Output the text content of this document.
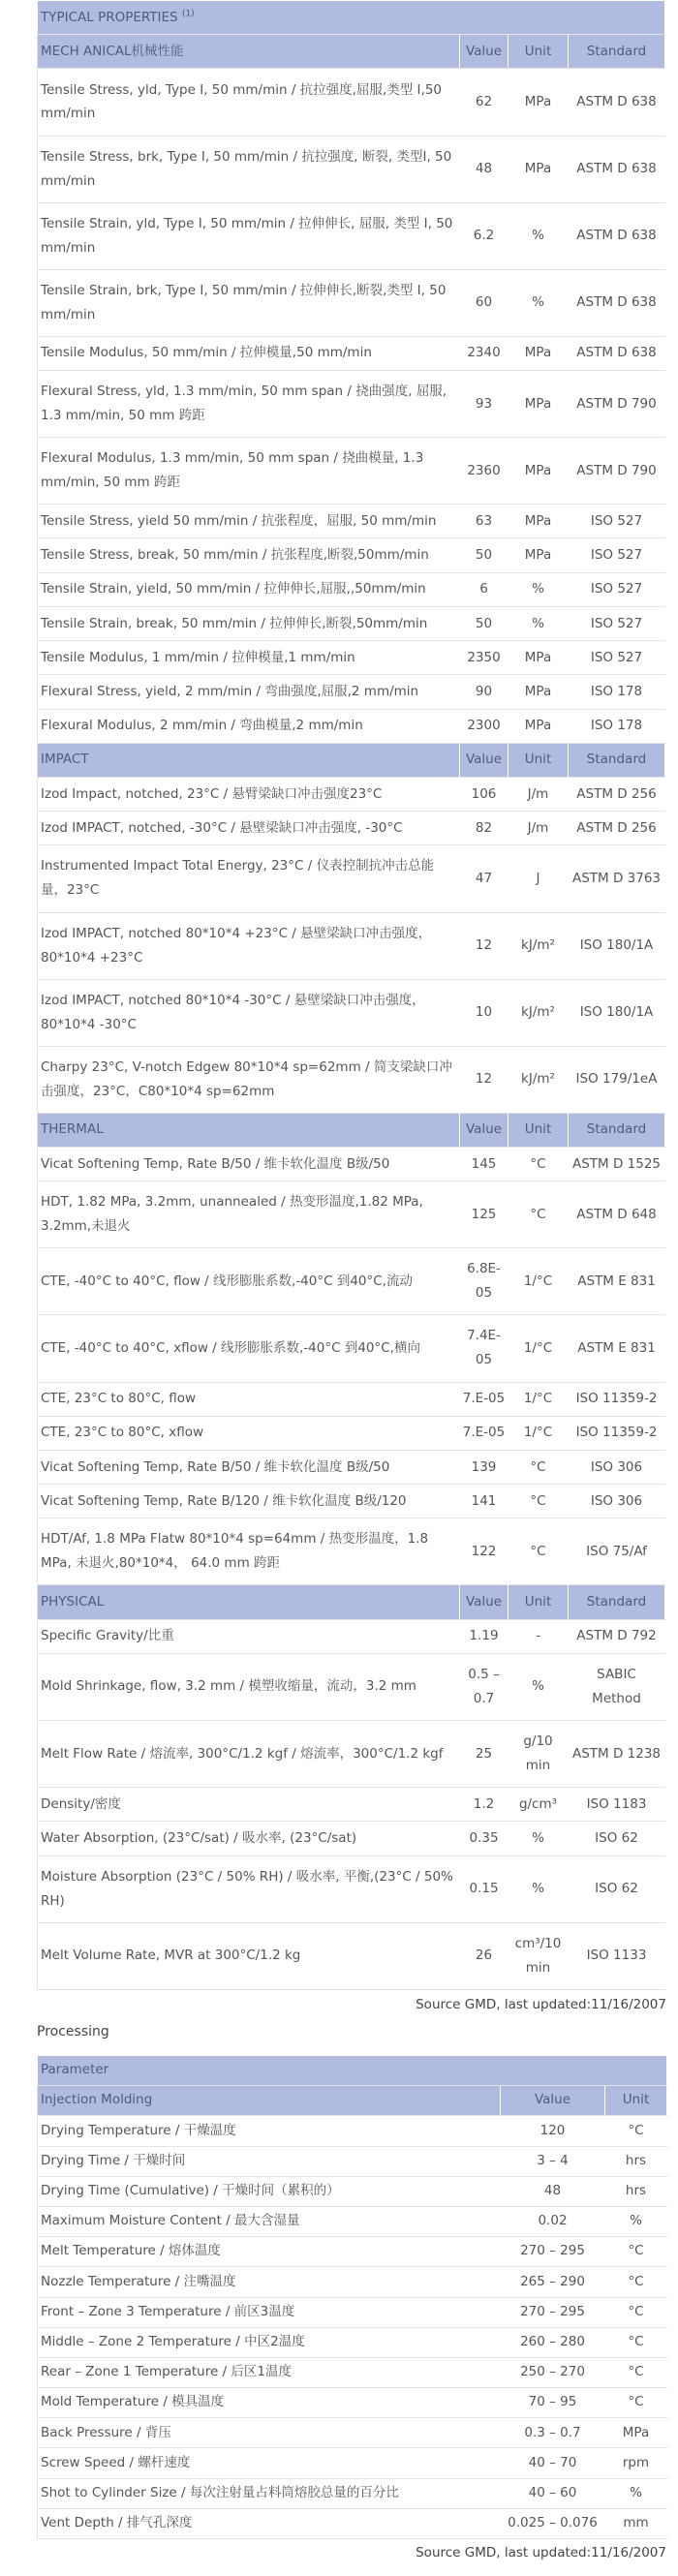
TYPICAL PROPERTIES $^{(1)}$
MECH ANICAL机械性能	Value	Unit	Standard
Tensile Stress, yld, Type I, 50 mm/min / 抗拉强度,屈服,类型 I,50 mm/min	62	MPa	ASTM D 638
Tensile Stress, brk, Type I, 50 mm/min / 抗拉强度, 断裂, 类型I, 50 mm/min	48	MPa	ASTM D 638
Tensile Strain, yld, Type I, 50 mm/min / 拉伸伸长, 屈服, 类型 I, 50 mm/min	6.2	%	ASTM D 638
Tensile Strain, brk, Type I, 50 mm/min / 拉伸伸长,断裂,类型 I, 50 mm/min	60	%	ASTM D 638
Tensile Modulus, 50 mm/min / 拉伸模量,50 mm/min	2340	MPa	ASTM D 638
Flexural Stress, yld, 1.3 mm/min, 50 mm span / 挠曲强度, 屈服, 1.3 mm/min, 50 mm 跨距	93	MPa	ASTM D 790
Flexural Modulus, 1.3 mm/min, 50 mm span / 挠曲模量, 1.3 mm/min, 50 mm 跨距	2360	MPa	ASTM D 790
Tensile Stress, yield 50 mm/min / 抗张程度，屈服, 50 mm/min	63	MPa	ISO 527
Tensile Stress, break, 50 mm/min / 抗张程度,断裂,50mm/min	50	MPa	ISO 527
Tensile Strain, yield, 50 mm/min / 拉伸伸长,屈服,,50mm/min	6	%	ISO 527
Tensile Strain, break, 50 mm/min / 拉伸伸长,断裂,50mm/min	50	%	ISO 527
Tensile Modulus, 1 mm/min / 拉伸模量,1 mm/min	2350	MPa	ISO 527
Flexural Stress, yield, 2 mm/min / 弯曲强度,屈服,2 mm/min	90	MPa	ISO 178
Flexural Modulus, 2 mm/min / 弯曲模量,2 mm/min	2300	MPa	ISO 178
IMPACT	Value	Unit	Standard
Izod Impact, notched, 23°C / 悬臂梁缺口冲击强度23°C	106	J/m	ASTM D 256
Izod IMPACT, notched, -30°C / 悬壁梁缺口冲击强度, -30°C	82	J/m	ASTM D 256
Instrumented Impact Total Energy, 23°C / 仪表控制抗冲击总能量，23°C	47	J	ASTM D 3763
Izod IMPACT, notched 80*10*4 +23°C / 悬壁梁缺口冲击强度，80*10*4 +23°C	12	kJ/m²	ISO 180/1A
Izod IMPACT, notched 80*10*4 -30°C / 悬壁梁缺口冲击强度，80*10*4 -30°C	10	kJ/m²	ISO 180/1A
Charpy 23°C, V-notch Edgew 80*10*4 sp=62mm / 简支梁缺口冲击强度，23°C，C80*10*4 sp=62mm	12	kJ/m²	ISO 179/1eA
THERMAL	Value	Unit	Standard
Vicat Softening Temp, Rate B/50 / 维卡软化温度 B级/50	145	°C	ASTM D 1525
HDT, 1.82 MPa, 3.2mm, unannealed / 热变形温度,1.82 MPa, 3.2mm,未退火	125	°C	ASTM D 648
CTE, -40°C to 40°C, flow / 线形膨胀系数,-40°C 到40°C,流动	6.8E-05	1/°C	ASTM E 831
CTE, -40°C to 40°C, xflow / 线形膨胀系数,-40°C 到40°C,横向	7.4E-05	1/°C	ASTM E 831
CTE, 23°C to 80°C, flow	7.E-05	1/°C	ISO 11359-2
CTE, 23°C to 80°C, xflow	7.E-05	1/°C	ISO 11359-2
Vicat Softening Temp, Rate B/50 / 维卡软化温度 B级/50	139	°C	ISO 306
Vicat Softening Temp, Rate B/120 / 维卡软化温度 B级/120	141	°C	ISO 306
HDT/Af, 1.8 MPa Flatw 80*10*4 sp=64mm / 热变形温度，1.8 MPa, 未退火,80*10*4， 64.0 mm 跨距	122	°C	ISO 75/Af
PHYSICAL	Value	Unit	Standard
Specific Gravity/比重	1.19	-	ASTM D 792
Mold Shrinkage, flow, 3.2 mm / 模塑收缩量，流动，3.2 mm	0.5 – 0.7	%	SABIC Method
Melt Flow Rate / 熔流率, 300°C/1.2 kgf / 熔流率，300°C/1.2 kgf	25	g/10 min	ASTM D 1238
Density/密度	1.2	g/cm³	ISO 1183
Water Absorption, (23°C/sat) / 吸水率, (23°C/sat)	0.35	%	ISO 62
Moisture Absorption (23°C / 50% RH) / 吸水率, 平衡,(23°C / 50% RH)	0.15	%	ISO 62
Melt Volume Rate, MVR at 300°C/1.2 kg	26	cm³/10 min	ISO 1133
Source GMD, last updated:11/16/2007
Processing
Parameter		
Injection Molding	Value	Unit
Drying Temperature / 干燥温度	120	°C
Drying Time / 干燥时间	3 – 4	hrs
Drying Time (Cumulative) / 干燥时间（累积的）	48	hrs
Maximum Moisture Content / 最大含湿量	0.02	%
Melt Temperature / 熔体温度	270 – 295	°C
Nozzle Temperature / 注嘴温度	265 – 290	°C
Front – Zone 3 Temperature / 前区3温度	270 – 295	°C
Middle – Zone 2 Temperature / 中区2温度	260 – 280	°C
Rear – Zone 1 Temperature / 后区1温度	250 – 270	°C
Mold Temperature / 模具温度	70 – 95	°C
Back Pressure / 背压	0.3 – 0.7	MPa
Screw Speed / 螺杆速度	40 – 70	rpm
Shot to Cylinder Size / 每次注射量占料筒熔胶总量的百分比	40 – 60	%
Vent Depth / 排气孔深度	0.025 – 0.076	mm
Source GMD, last updated:11/16/2007
